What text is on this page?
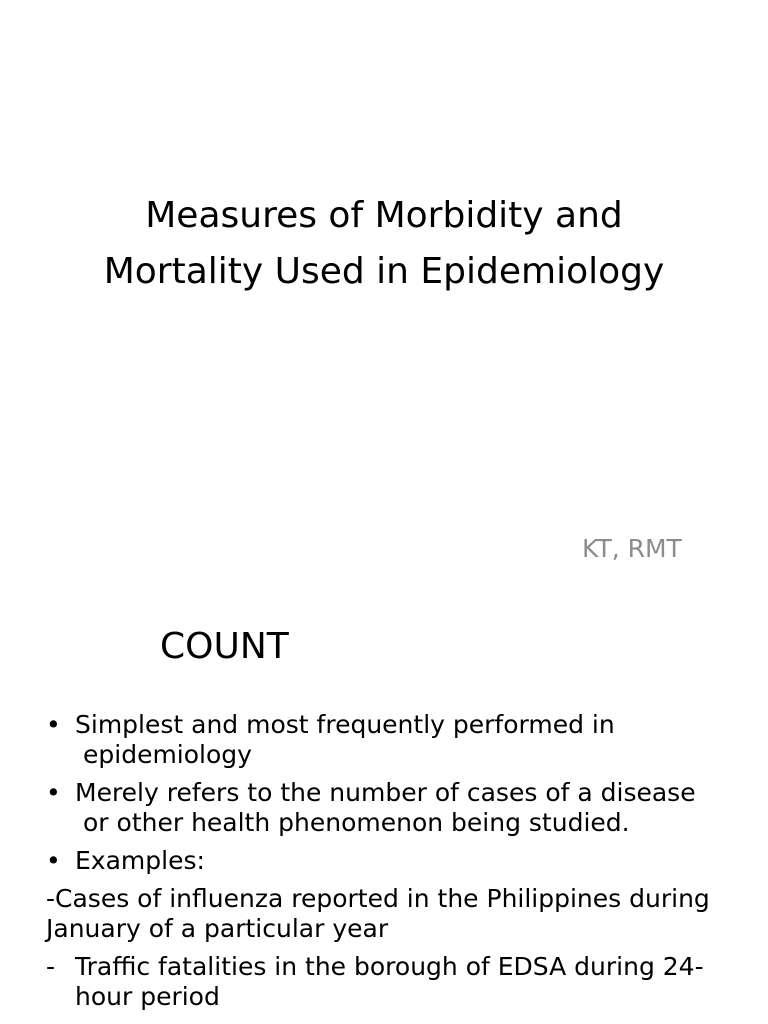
Measures of Morbidity and
Mortality Used in Epidemiology
KT, RMT
COUNT
• Simplest and most frequently performed in
epidemiology
• Merely refers to the number of cases of a disease
or other health phenomenon being studied.
• Examples:
-Cases of influenza reported in the Philippines during January of a particular year
- Traffic fatalities in the borough of EDSA during 24-hour period
